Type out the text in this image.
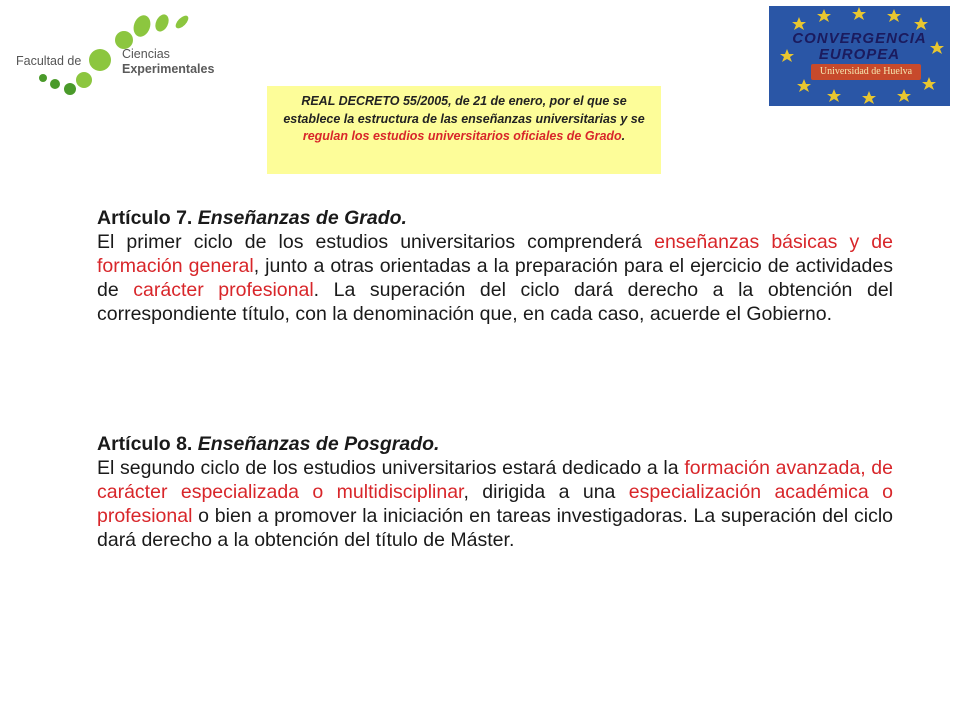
Facultad de	Ciencias
Experimentales
CONVERGENCIA
EUROPEA
Universidad de Huelva
REAL DECRETO 55/2005, de 21 de enero, por el que se establece la estructura de las enseñanzas universitarias y se regulan los estudios universitarios oficiales de Grado.
Artículo 7. Enseñanzas de Grado.
El primer ciclo de los estudios universitarios comprenderá enseñanzas básicas y de formación general, junto a otras orientadas a la preparación para el ejercicio de actividades de carácter profesional. La superación del ciclo dará derecho a la obtención del correspondiente título, con la denominación que, en cada caso, acuerde el Gobierno.
Artículo 8. Enseñanzas de Posgrado.
El segundo ciclo de los estudios universitarios estará dedicado a la formación avanzada, de carácter especializada o multidisciplinar, dirigida a una especialización académica o profesional o bien a promover la iniciación en tareas investigadoras. La superación del ciclo dará derecho a la obtención del título de Máster.
